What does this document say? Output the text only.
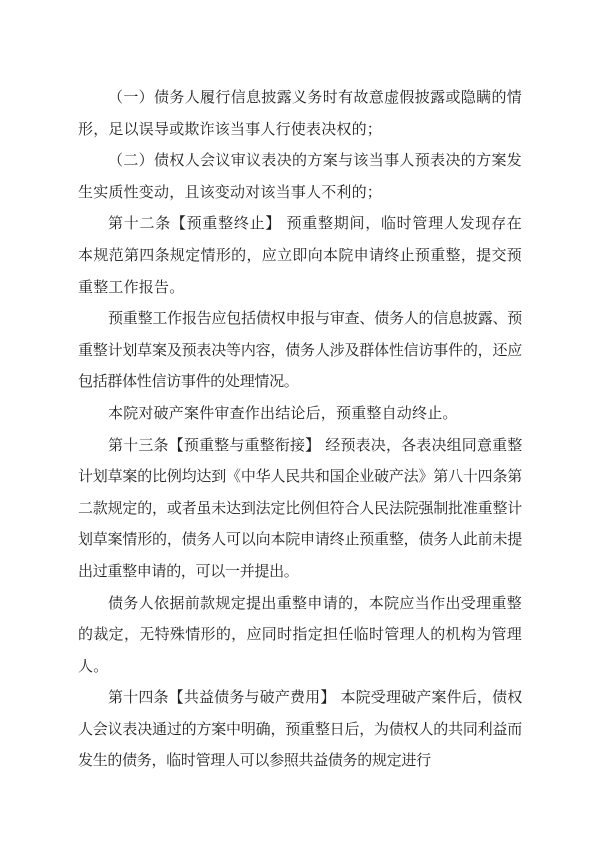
（一）债务人履行信息披露义务时有故意虚假披露或隐瞒的情形，足以误导或欺诈该当事人行使表决权的；

（二）债权人会议审议表决的方案与该当事人预表决的方案发生实质性变动，且该变动对该当事人不利的；

第十二条【预重整终止】 预重整期间，临时管理人发现存在本规范第四条规定情形的，应立即向本院申请终止预重整，提交预重整工作报告。

预重整工作报告应包括债权申报与审查、债务人的信息披露、预重整计划草案及预表决等内容，债务人涉及群体性信访事件的，还应包括群体性信访事件的处理情况。

本院对破产案件审查作出结论后，预重整自动终止。

第十三条【预重整与重整衔接】 经预表决，各表决组同意重整计划草案的比例均达到《中华人民共和国企业破产法》第八十四条第二款规定的，或者虽未达到法定比例但符合人民法院强制批准重整计划草案情形的，债务人可以向本院申请终止预重整，债务人此前未提出过重整申请的，可以一并提出。

债务人依据前款规定提出重整申请的，本院应当作出受理重整的裁定，无特殊情形的，应同时指定担任临时管理人的机构为管理人。

第十四条【共益债务与破产费用】 本院受理破产案件后，债权人会议表决通过的方案中明确，预重整日后，为债权人的共同利益而发生的债务，临时管理人可以参照共益债务的规定进行
